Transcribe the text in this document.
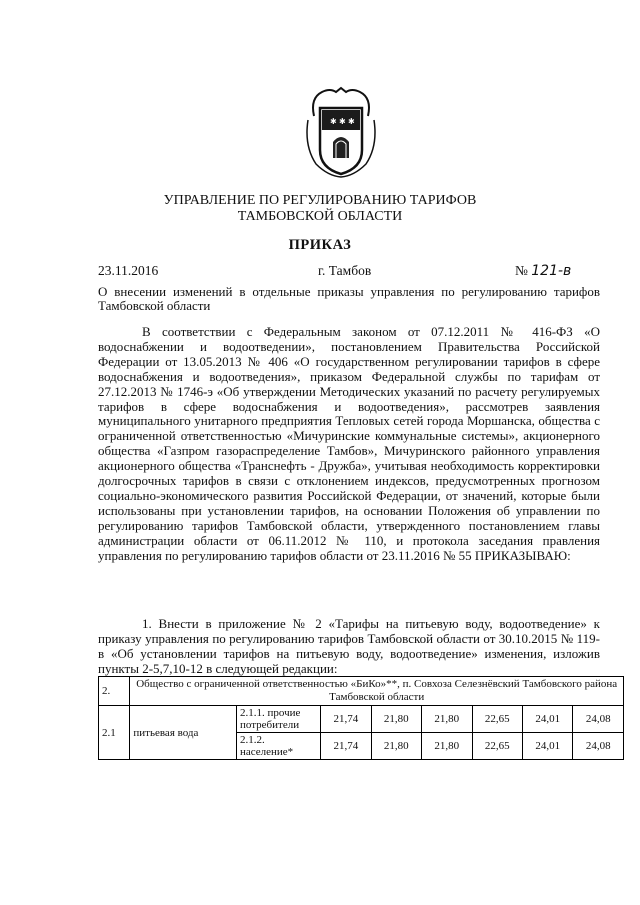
✱ ✱ ✱
УПРАВЛЕНИЕ ПО РЕГУЛИРОВАНИЮ ТАРИФОВ
ТАМБОВСКОЙ ОБЛАСТИ
ПРИКАЗ
23.11.2016	г. Тамбов	№ 121-в
О внесении изменений в отдельные приказы управления по регулированию тарифов Тамбовской области

В соответствии с Федеральным законом от 07.12.2011 № 416-ФЗ «О водоснабжении и водоотведении», постановлением Правительства Российской Федерации от 13.05.2013 № 406 «О государственном регулировании тарифов в сфере водоснабжения и водоотведения», приказом Федеральной службы по тарифам от 27.12.2013 № 1746-э «Об утверждении Методических указаний по расчету регулируемых тарифов в сфере водоснабжения и водоотведения», рассмотрев заявления муниципального унитарного предприятия Тепловых сетей города Моршанска, общества с ограниченной ответственностью «Мичуринские коммунальные системы», акционерного общества «Газпром газораспределение Тамбов», Мичуринского районного управления акционерного общества «Транснефть - Дружба», учитывая необходимость корректировки долгосрочных тарифов в связи с отклонением индексов, предусмотренных прогнозом социально-экономического развития Российской Федерации, от значений, которые были использованы при установлении тарифов, на основании Положения об управлении по регулированию тарифов Тамбовской области, утвержденного постановлением главы администрации области от 06.11.2012 № 110, и протокола заседания правления управления по регулированию тарифов области от 23.11.2016 № 55 ПРИКАЗЫВАЮ:

1. Внести в приложение № 2 «Тарифы на питьевую воду, водоотведение» к приказу управления по регулированию тарифов Тамбовской области от 30.10.2015 № 119-в «Об установлении тарифов на питьевую воду, водоотведение» изменения, изложив пункты 2-5,7,10-12 в следующей редакции:

2.	Общество с ограниченной ответственностью «БиКо»**, п. Совхоза Селезнёвский Тамбовского района Тамбовской области							
2.1	питьевая вода	2.1.1. прочие потребители	21,74	21,80	21,80	22,65	24,01	24,08
		2.1.2. население*	21,74	21,80	21,80	22,65	24,01	24,08
